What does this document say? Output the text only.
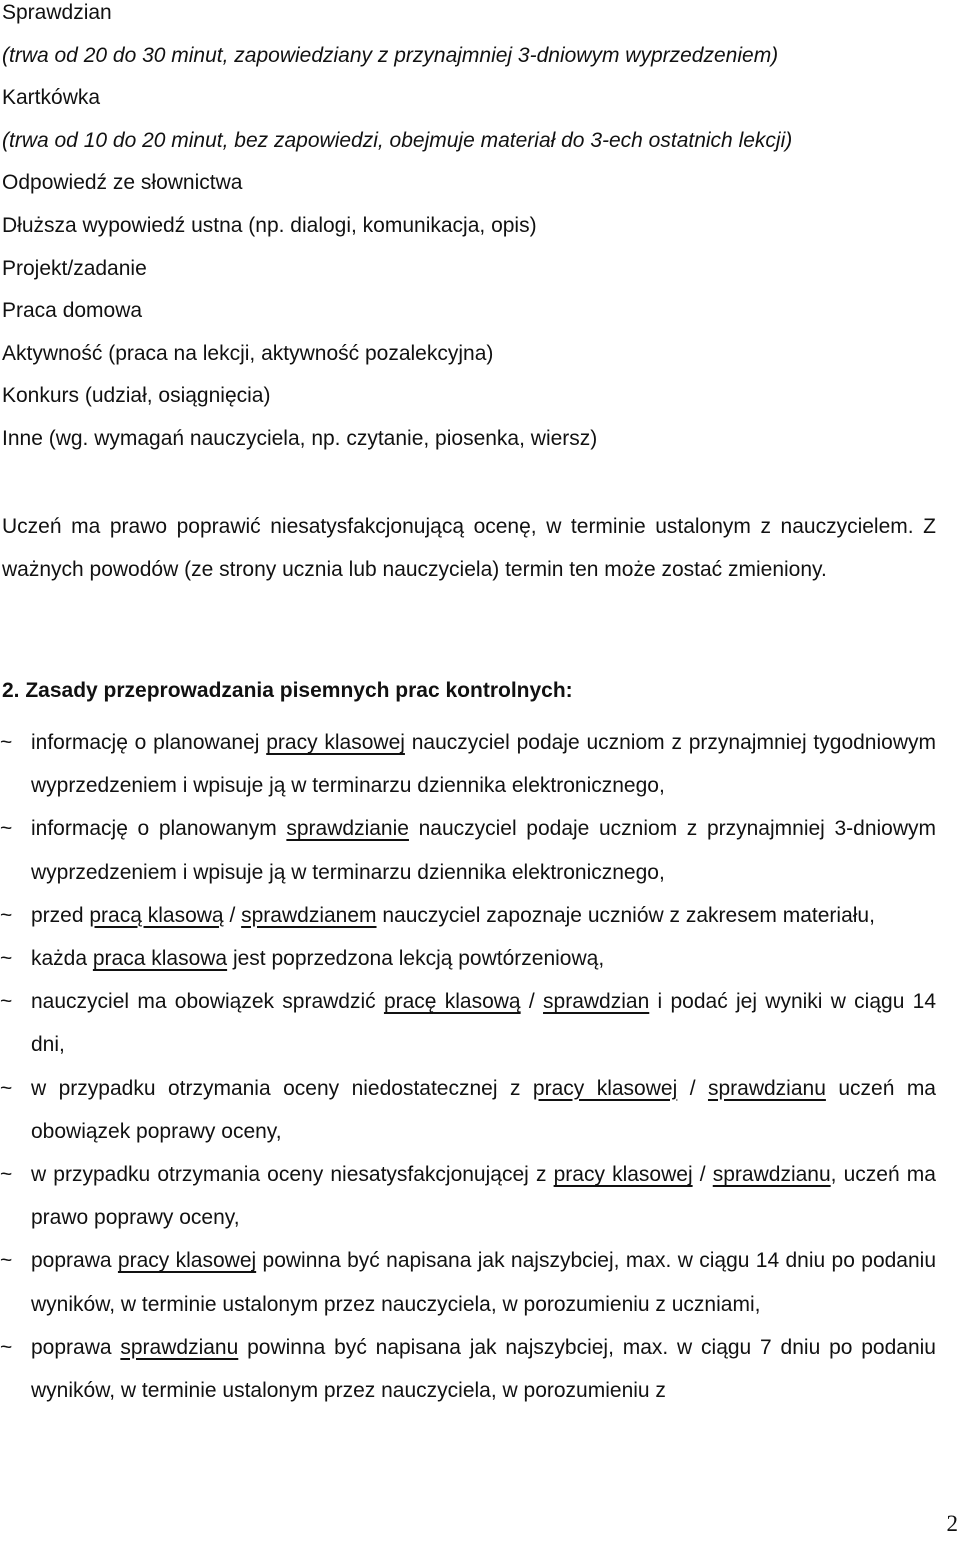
Sprawdzian
(trwa od 20 do 30 minut, zapowiedziany z przynajmniej 3-dniowym wyprzedzeniem)
Kartkówka
(trwa od 10 do 20 minut, bez zapowiedzi, obejmuje materiał do 3-ech ostatnich lekcji)
Odpowiedź ze słownictwa
Dłuższa wypowiedź ustna (np. dialogi, komunikacja, opis)
Projekt/zadanie
Praca domowa
Aktywność (praca na lekcji, aktywność pozalekcyjna)
Konkurs (udział, osiągnięcia)
Inne (wg. wymagań nauczyciela, np. czytanie, piosenka, wiersz)
Uczeń ma prawo poprawić niesatysfakcjonującą ocenę, w terminie ustalonym z nauczycielem. Z ważnych powodów (ze strony ucznia lub nauczyciela) termin ten może zostać zmieniony.
2. Zasady przeprowadzania pisemnych prac kontrolnych:
~ informację o planowanej pracy klasowej nauczyciel podaje uczniom z przynajmniej tygodniowym wyprzedzeniem i wpisuje ją w terminarzu dziennika elektronicznego,
~ informację o planowanym sprawdzianie nauczyciel podaje uczniom z przynajmniej 3-dniowym wyprzedzeniem i wpisuje ją w terminarzu dziennika elektronicznego,
~ przed pracą klasową / sprawdzianem nauczyciel zapoznaje uczniów z zakresem materiału,
~ każda praca klasowa jest poprzedzona lekcją powtórzeniową,
~ nauczyciel ma obowiązek sprawdzić pracę klasową / sprawdzian i podać jej wyniki w ciągu 14 dni,
~ w przypadku otrzymania oceny niedostatecznej z pracy klasowej / sprawdzianu uczeń ma obowiązek poprawy oceny,
~ w przypadku otrzymania oceny niesatysfakcjonującej z pracy klasowej / sprawdzianu, uczeń ma prawo poprawy oceny,
~ poprawa pracy klasowej powinna być napisana jak najszybciej, max. w ciągu 14 dniu po podaniu wyników, w terminie ustalonym przez nauczyciela, w porozumieniu z uczniami,
~ poprawa sprawdzianu powinna być napisana jak najszybciej, max. w ciągu 7 dniu po podaniu wyników, w terminie ustalonym przez nauczyciela, w porozumieniu z
2
